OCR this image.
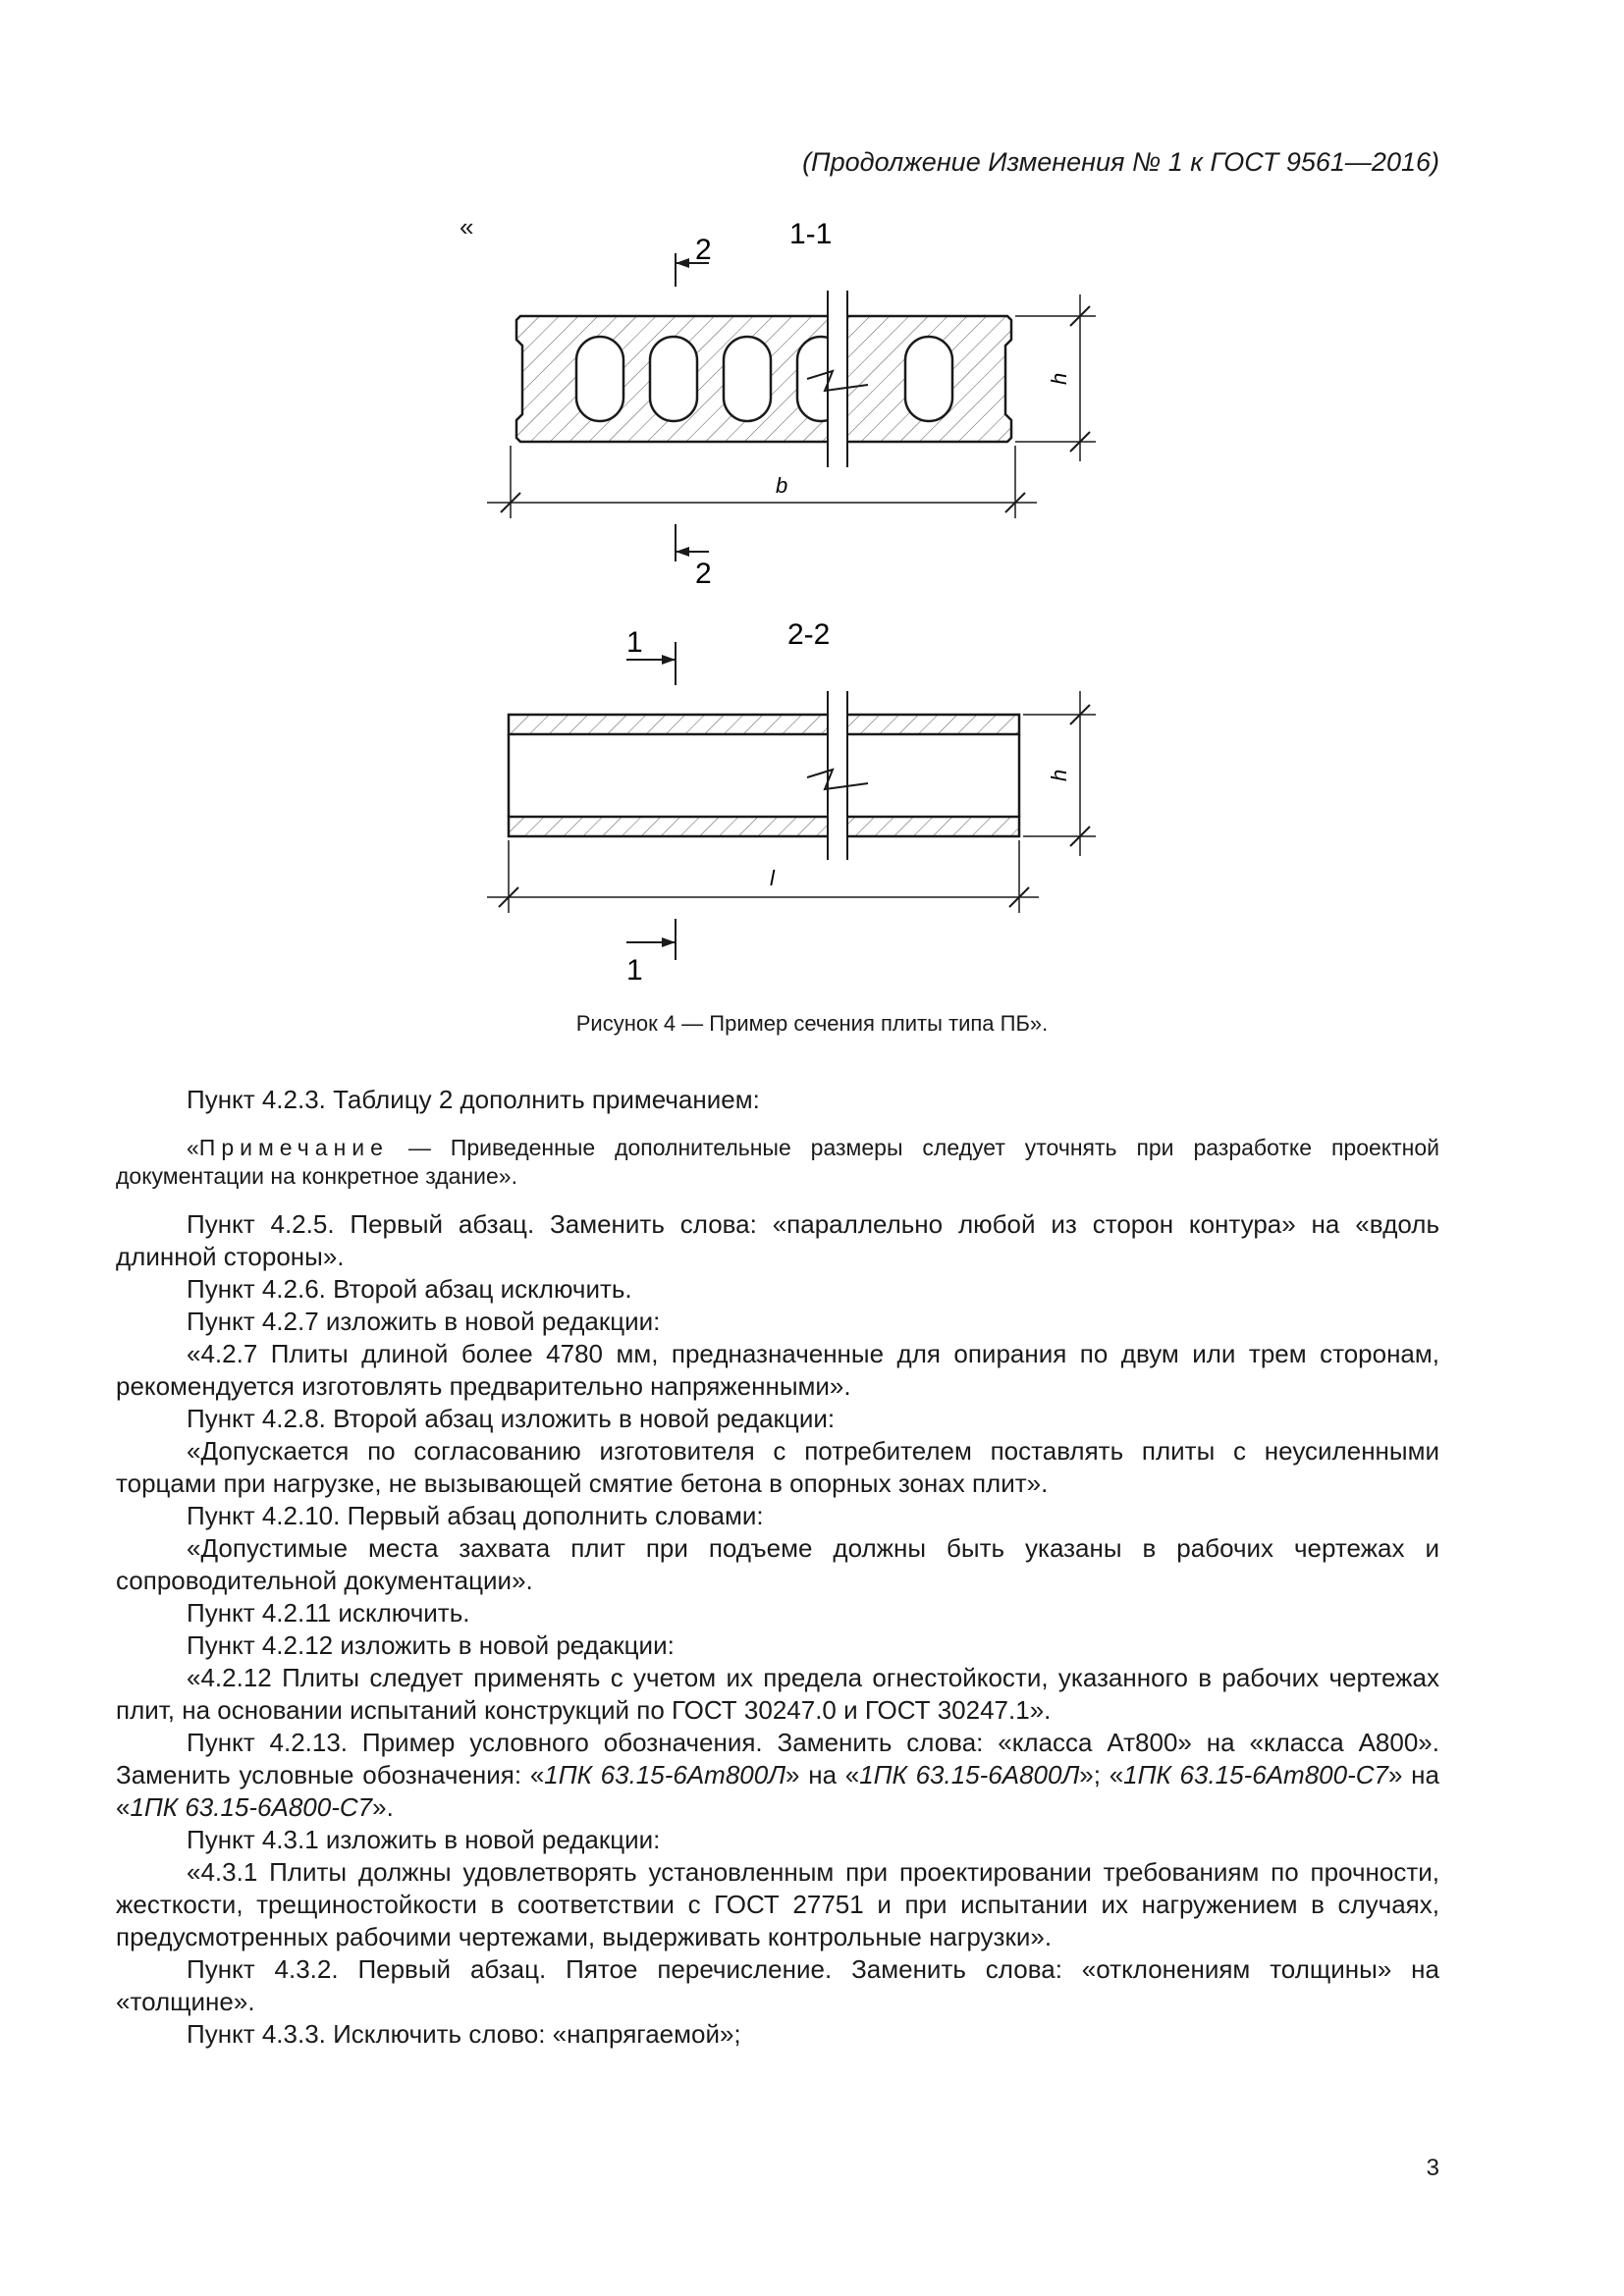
(Продолжение Изменения № 1 к ГОСТ 9561—2016)
«	1-1
2
h
b
2
2-2
1
h
l
1
Рисунок 4 — Пример сечения плиты типа ПБ».

Пункт 4.2.3. Таблицу 2 дополнить примечанием:

«Примечание — Приведенные дополнительные размеры следует уточнять при разработке проектной документации на конкретное здание».

Пункт 4.2.5. Первый абзац. Заменить слова: «параллельно любой из сторон контура» на «вдоль длинной стороны».

Пункт 4.2.6. Второй абзац исключить.

Пункт 4.2.7 изложить в новой редакции:

«4.2.7 Плиты длиной более 4780 мм, предназначенные для опирания по двум или трем сторонам, рекомендуется изготовлять предварительно напряженными».

Пункт 4.2.8. Второй абзац изложить в новой редакции:

«Допускается по согласованию изготовителя с потребителем поставлять плиты с неусиленными торцами при нагрузке, не вызывающей смятие бетона в опорных зонах плит».

Пункт 4.2.10. Первый абзац дополнить словами:

«Допустимые места захвата плит при подъеме должны быть указаны в рабочих чертежах и сопроводительной документации».

Пункт 4.2.11 исключить.

Пункт 4.2.12 изложить в новой редакции:

«4.2.12 Плиты следует применять с учетом их предела огнестойкости, указанного в рабочих чертежах плит, на основании испытаний конструкций по ГОСТ 30247.0 и ГОСТ 30247.1».

Пункт 4.2.13. Пример условного обозначения. Заменить слова: «класса Ат800» на «класса А800». Заменить условные обозначения: «1ПК 63.15-6Ат800Л» на «1ПК 63.15-6А800Л»; «1ПК 63.15-6Ат800-С7» на «1ПК 63.15-6А800-С7».

Пункт 4.3.1 изложить в новой редакции:

«4.3.1 Плиты должны удовлетворять установленным при проектировании требованиям по прочности, жесткости, трещиностойкости в соответствии с ГОСТ 27751 и при испытании их нагружением в случаях, предусмотренных рабочими чертежами, выдерживать контрольные нагрузки».

Пункт 4.3.2. Первый абзац. Пятое перечисление. Заменить слова: «отклонениям толщины» на «толщине».

Пункт 4.3.3. Исключить слово: «напрягаемой»;

3
